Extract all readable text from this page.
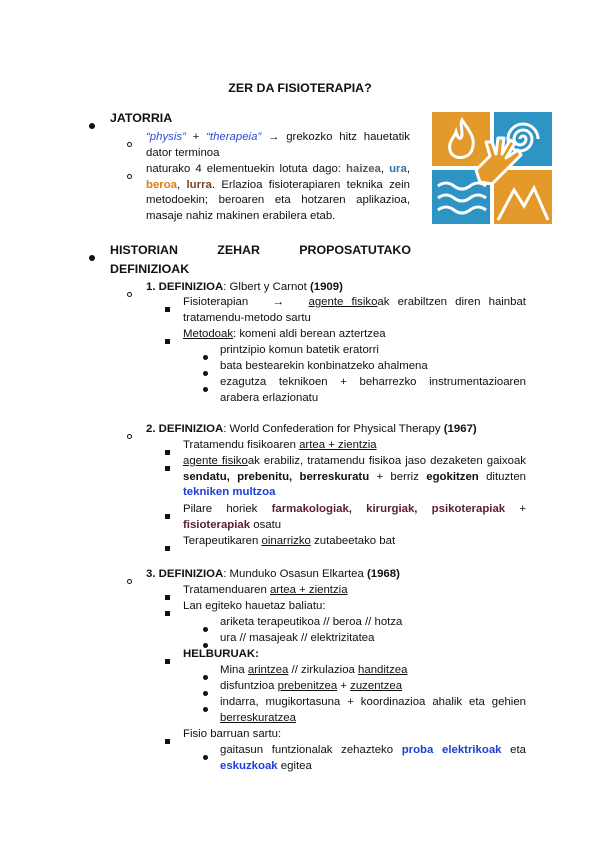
ZER DA FISIOTERAPIA?
JATORRIA
“physis” + “therapeia” → grekozko hitz hauetatik dator terminoa
naturako 4 elementuekin lotuta dago: haizea, ura, beroa, lurra. Erlazioa fisioterapiaren teknika zein metodoekin; beroaren eta hotzaren aplikazioa, masaje nahiz makinen erabilera etab.
HISTORIAN ZEHAR PROPOSATUTAKO
DEFINIZIOAK
1. DEFINIZIOA: Glbert y Carnot (1909)
Fisioterapian → agente fisikoak erabiltzen diren hainbat
tratamendu-metodo sartu
Metodoak: komeni aldi berean aztertzea
printzipio komun batetik eratorri
bata bestearekin konbinatzeko ahalmena
ezagutza teknikoen + beharrezko instrumentazioaren arabera erlazionatu
2. DEFINIZIOA: World Confederation for Physical Therapy (1967)
Tratamendu fisikoaren artea + zientzia
agente fisikoak erabiliz, tratamendu fisikoa jaso dezaketen gaixoak sendatu, prebenitu, berreskuratu + berriz egokitzen dituzten tekniken multzoa
Pilare horiek farmakologiak, kirurgiak, psikoterapiak + fisioterapiak osatu
Terapeutikaren oinarrizko zutabeetako bat
3. DEFINIZIOA: Munduko Osasun Elkartea (1968)
Tratamenduaren artea + zientzia
Lan egiteko hauetaz baliatu:
ariketa terapeutikoa // beroa // hotza
ura // masajeak // elektrizitatea
HELBURUAK:
Mina arintzea // zirkulazioa handitzea
disfuntzioa prebenitzea + zuzentzea
indarra, mugikortasuna + koordinazioa ahalik eta gehien
berreskuratzea
Fisio barruan sartu:
gaitasun funtzionalak zehazteko proba elektrikoak eta
eskuzkoak egitea
